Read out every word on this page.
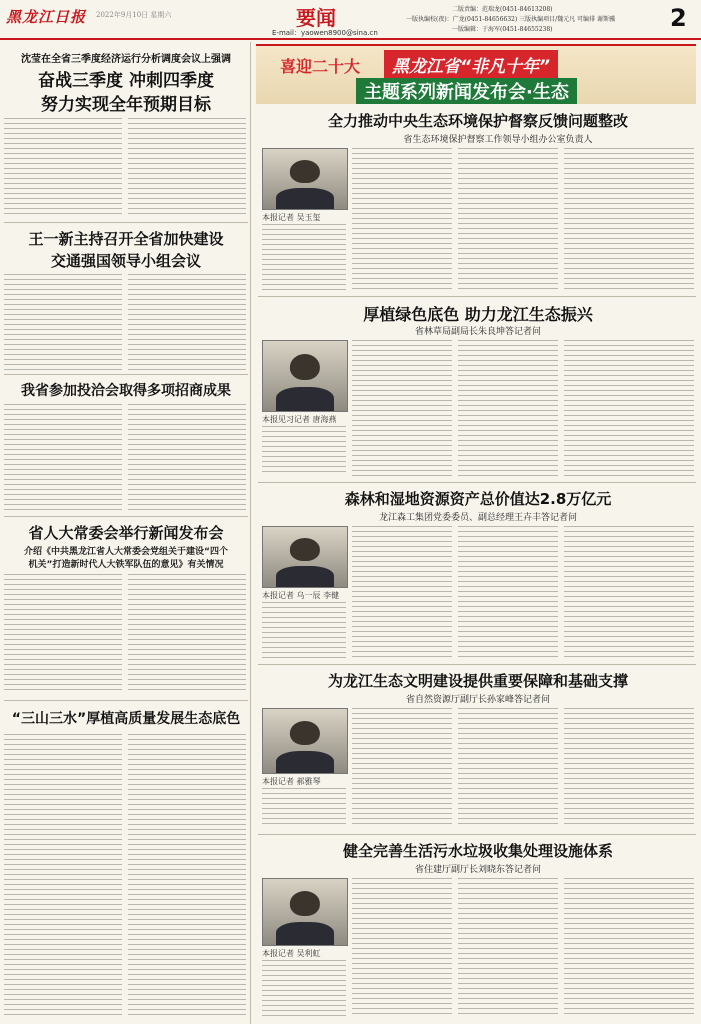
黑龙江日报 2022年9月10日 星期六	要闻
E-mail：yaowen8900@sina.cn
二版责编：范瑞龙(0451-84613208)
一版执编校(夜)：广龙(0451-84656632) 三版执编项目/魏元凡 可编排 谢斯骥
一版编辑：于海军(0451-84655238)	2
沈莹在全省三季度经济运行分析调度会议上强调
奋战三季度 冲刺四季度
努力实现全年预期目标
王一新主持召开全省加快建设
交通强国领导小组会议
我省参加投洽会取得多项招商成果
省人大常委会举行新闻发布会
介绍《中共黑龙江省人大常委会党组关于建设“四个
机关”打造新时代人大铁军队伍的意见》有关情况
“三山三水”厚植高质量发展生态底色
喜迎二十大	黑龙江省“非凡十年”
主题系列新闻发布会·生态
全力推动中央生态环境保护督察反馈问题整改
省生态环境保护督察工作领导小组办公室负责人
本报记者 吴玉玺
厚植绿色底色 助力龙江生态振兴
省林草局副局长朱良坤答记者问
本报见习记者 唐海燕
森林和湿地资源资产总价值达2.8万亿元
龙江森工集团党委委员、副总经理王卉丰答记者问
本报记者 乌一辰 李健
为龙江生态文明建设提供重要保障和基础支撑
省自然资源厅副厅长孙家峰答记者问
本报记者 郝雅琴
健全完善生活污水垃圾收集处理设施体系
省住建厅副厅长刘晓东答记者问
本报记者 吴利虹
